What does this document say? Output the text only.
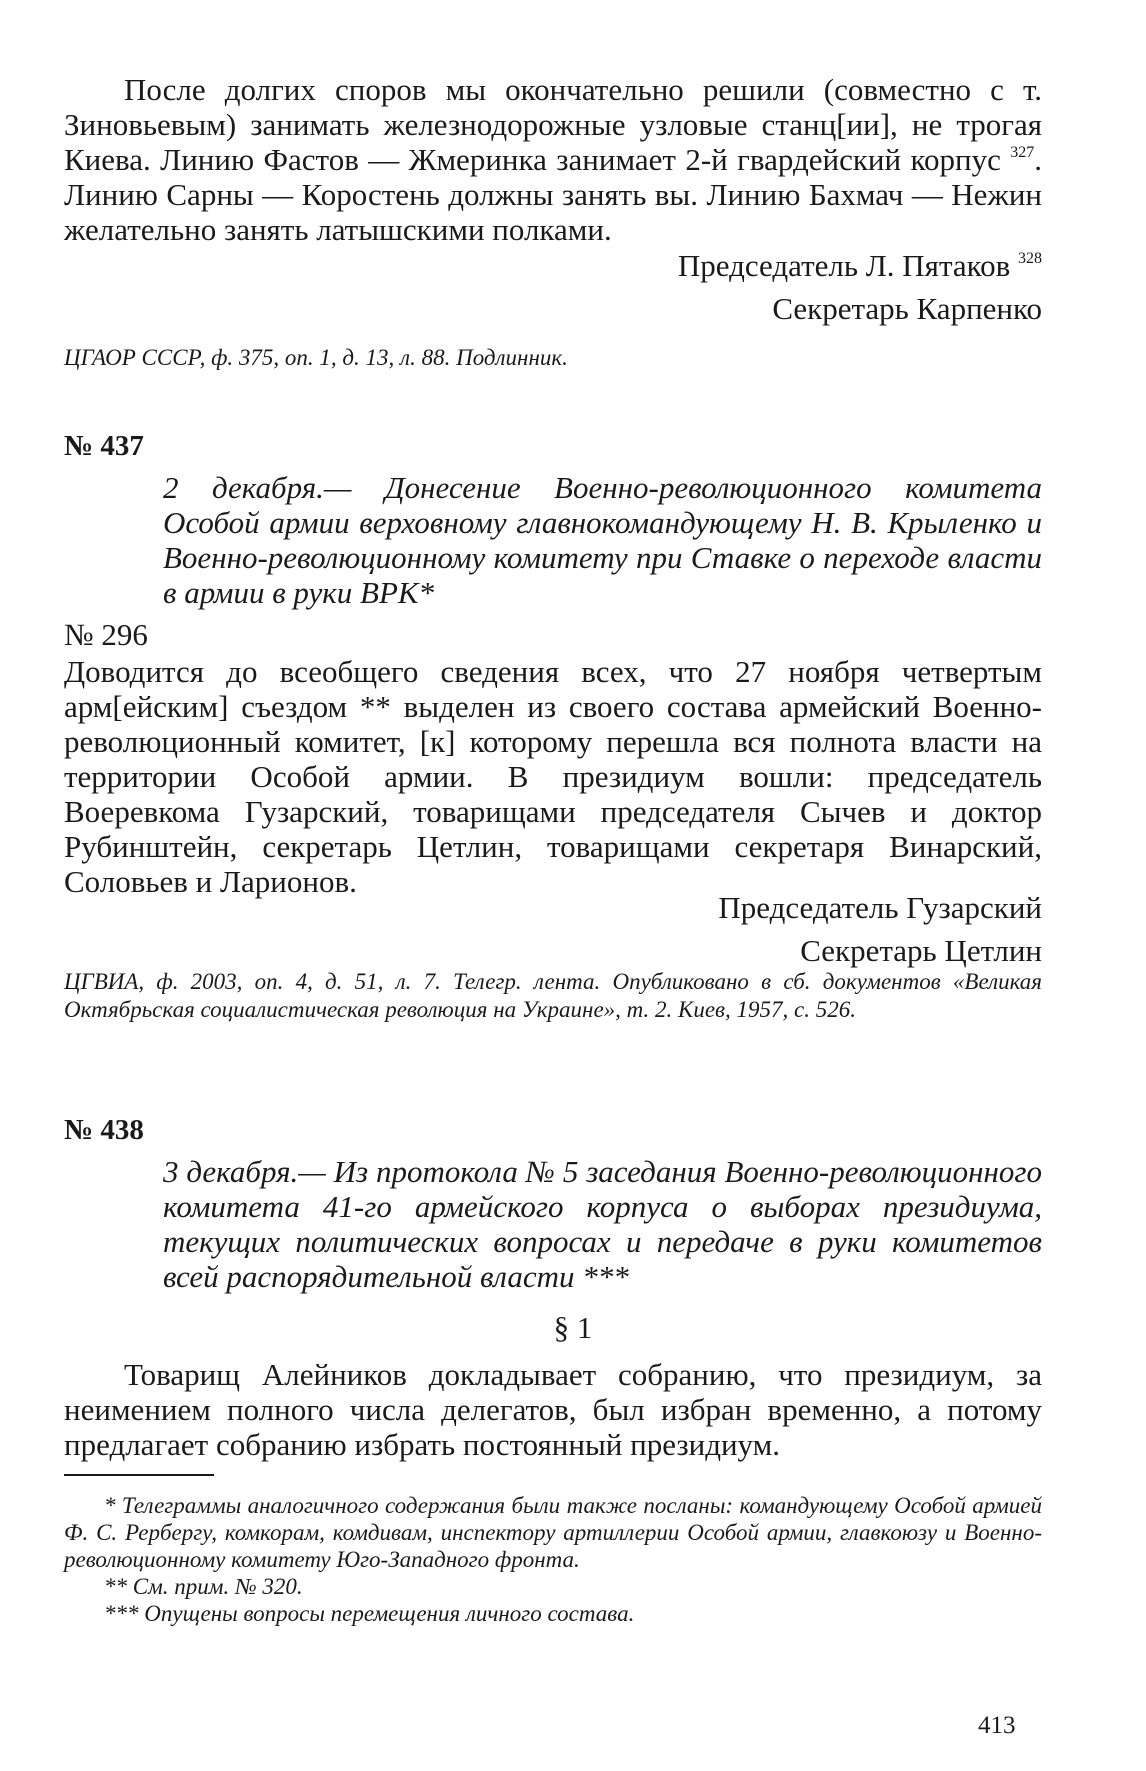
После долгих споров мы окончательно решили (совместно с т. Зиновьевым) занимать железнодорожные узловые станц[ии], не трогая Киева. Линию Фастов — Жмеринка занимает 2-й гвардейский корпус $^{327}$. Линию Сарны — Коростень должны занять вы. Линию Бахмач — Нежин желательно занять латышскими полками.

Председатель Л. Пятаков $^{328}$

Секретарь Карпенко

ЦГАОР СССР, ф. 375, оп. 1, д. 13, л. 88. Подлинник.

№ 437
2 декабря.— Донесение Военно-революционного комитета Особой армии верховному главнокомандующему Н. В. Крыленко и Военно-революционному комитету при Ставке о переходе власти в армии в руки ВРК*

№ 296

Доводится до всеобщего сведения всех, что 27 ноября четвертым арм[ейским] съездом ** выделен из своего состава армейский Военно-революционный комитет, [к] которому перешла вся полнота власти на территории Особой армии. В президиум вошли: председатель Воеревкома Гузарский, товарищами председателя Сычев и доктор Рубинштейн, секретарь Цетлин, товарищами секретаря Винарский, Соловьев и Ларионов.

Председатель Гузарский

Секретарь Цетлин

ЦГВИА, ф. 2003, оп. 4, д. 51, л. 7. Телегр. лента. Опубликовано в сб. документов «Великая Октябрьская социалистическая революция на Украине», т. 2. Киев, 1957, с. 526.

№ 438
3 декабря.— Из протокола № 5 заседания Военно-революционного комитета 41-го армейского корпуса о выборах президиума, текущих политических вопросах и передаче в руки комитетов всей распорядительной власти ***
§ 1

Товарищ Алейников докладывает собранию, что президиум, за неимением полного числа делегатов, был избран временно, а потому предлагает собранию избрать постоянный президиум.

* Телеграммы аналогичного содержания были также посланы: командующему Особой армией Ф. С. Рербергу, комкорам, комдивам, инспектору артиллерии Особой армии, главкоюзу и Военно-революционному комитету Юго-Западного фронта.

** См. прим. № 320.

*** Опущены вопросы перемещения личного состава.

413
